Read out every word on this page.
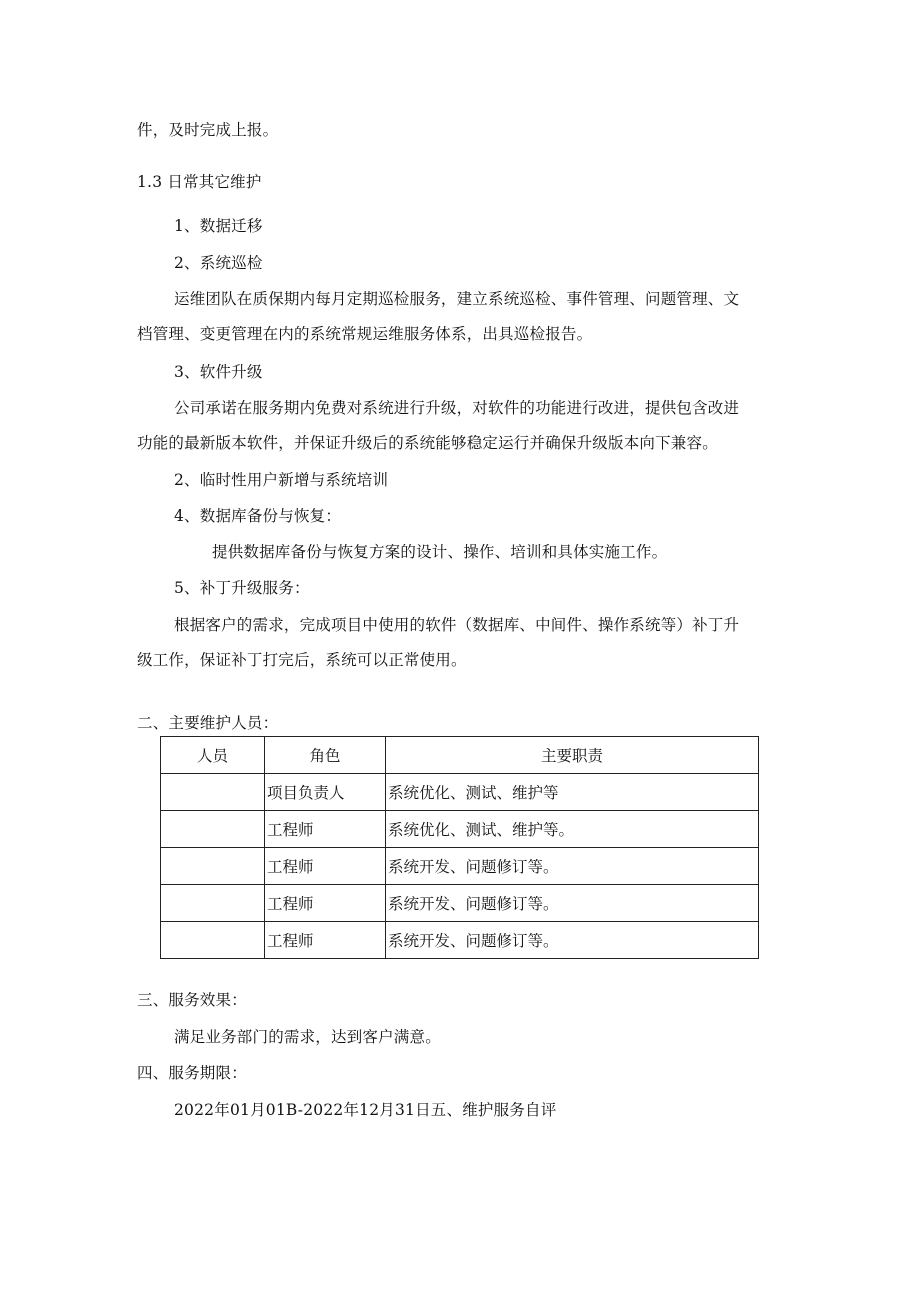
件，及时完成上报。
1.3 日常其它维护
1、数据迁移
2、系统巡检
运维团队在质保期内每月定期巡检服务，建立系统巡检、事件管理、问题管理、文
档管理、变更管理在内的系统常规运维服务体系，出具巡检报告。
3、软件升级
公司承诺在服务期内免费对系统进行升级，对软件的功能进行改进，提供包含改进
功能的最新版本软件，并保证升级后的系统能够稳定运行并确保升级版本向下兼容。
2、临时性用户新增与系统培训
4、数据库备份与恢复：
提供数据库备份与恢复方案的设计、操作、培训和具体实施工作。
5、补丁升级服务：
根据客户的需求，完成项目中使用的软件（数据库、中间件、操作系统等）补丁升
级工作，保证补丁打完后，系统可以正常使用。
二、主要维护人员：
人员	角色	主要职责
	项目负责人	系统优化、测试、维护等
	工程师	系统优化、测试、维护等。
	工程师	系统开发、问题修订等。
	工程师	系统开发、问题修订等。
	工程师	系统开发、问题修订等。
三、服务效果：
满足业务部门的需求，达到客户满意。
四、服务期限：
2022年01月01B-2022年12月31日五、维护服务自评
